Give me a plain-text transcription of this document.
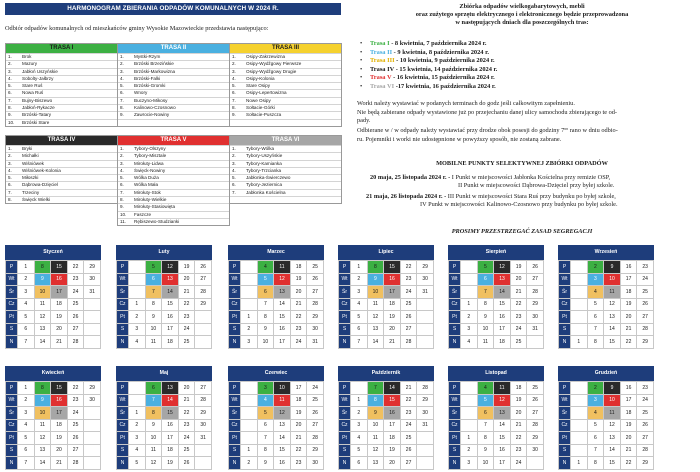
HARMONOGRAM ZBIERANIA ODPADÓW KOMUNALNYCH W 2024 R.
Odbiór odpadów komunalnych od mieszkańców gminy Wysokie Mazowieckie przedstawia następująco:
TRASA I
1.	Brok
2.	Mazury
3.	Jabłoń Uszyńskie
4.	Sobolty-Jałbrzy
5.	Stare Ruś
6.	Nowa Ruś
7.	Bujny-Biszewo
8.	Jabłoń-Rykacze
9.	Brzóski-Tatary
10.	Brzóski Stare
TRASA II
1.	Mystki-Rzym
2.	Brzóski Brzezińskie
3.	Brzóski-Markowizna
4.	Brzóski-Falki
5.	Brzóski-Gromki
6.	Wnory
7.	Buczyno-Mikosy
8.	Kalinowo-Czosnowo
9.	Zawrocie-Nowiny
TRASA III
1.	Osipy-Zakrzewizna
2.	Osipy-Wydźgowy Pierwsze
3.	Osipy-Wydźgowy Drugie
4.	Osipy-Kolonia
5.	Stare Osipy
6.	Osipy-Lepertowizna
7.	Nowe Osipy
8.	Sołtacie-Górki
9.	Sołtacie-Puszcza
TRASA IV
1.	Bryki
2.	Michałki
3.	Wiśniówek
4.	Wiśniówek-Kolonia
5.	Miłoszki
6.	Dąbrowa-Dzięciel
7.	Trzeciny
8.	Święck Wielki
TRASA V
1.	Tybory-Olszyny
2.	Tybory-Misztale
3.	Mirołuty-Lidwa
4.	Święck-Nowiny
5.	Wólka Duża
6.	Wólka Mała
7.	Mirołuty-Stok
8.	Mirołuty-Wielkie
9.	Mirołuty-Stasiowięta
10.	Faszcze
11.	Rębiszewo-Studzianki
TRASA VI
1.	Tybory-Wólka
2.	Tybory-Uszyńskie
3.	Tybory-Kamianka
4.	Tybory-Trzcianka
5.	Jabłonka-Świerczewo
6.	Tybory-Jeziernica
7.	Jabłonka Kościelna
Zbiórka odpadów wielkogabarytowych, mebli
oraz zużytego sprzętu elektrycznego i elektronicznego będzie przeprowadzona
w następujących dniach dla poszczególnych tras:
• Trasa I - 8 kwietnia, 7 października 2024 r.
• Trasa II - 9 kwietnia, 8 października 2024 r.
• Trasa III - 10 kwietnia, 9 października 2024 r.
• Trasa IV - 15 kwietnia, 14 października 2024 r.
• Trasa V - 16 kwietnia, 15 października 2024 r.
• Trasa VI -17 kwietnia, 16 października 2024 r.
Worki należy wystawiać w podanych terminach do godz jeśli całkowitym zapełnieniu.
Nie będą zabierane odpady wystawione już po przejechaniu danej ulicy samochodu zbierającego te od-
pady.
Odbierane w / w odpady należy wystawiać przy drodze obok posesji do godziny 7ºº rano w dniu odbio-
ru. Pojemniki i worki nie udostępnione w powyższy sposób, nie zostaną zabrane.
MOBILNE PUNKTY SELEKTYWNEJ ZBIÓRKI ODPADÓW
20 maja, 25 listopada 2024 r. - I Punkt w miejscowości Jabłonka Kościelna przy remizie OSP,
II Punkt w miejscowości Dąbrowa-Dzięciel przy byłej szkole.
21 maja, 26 listopada 2024 r. - III Punkt w miejscowości Stara Ruś przy budynku po byłej szkole,
IV Punkt w miejscowości Kalinowo-Czosnowo przy budynku po byłej szkole.
PROSIMY PRZESTRZEGAĆ ZASAD SEGREGACJI
Styczeń
P	1	8	15	22	29
Wt	2	9	16	23	30
Śr	3	10	17	24	31
Cz	4	11	18	25	
Pt	5	12	19	26	
S	6	13	20	27	
N	7	14	21	28	
Luty
P		5	12	19	26
Wt		6	13	20	27
Śr		7	14	21	28
Cz	1	8	15	22	29
Pt	2	9	16	23	
S	3	10	17	24	
N	4	11	18	25	
Marzec
P		4	11	18	25
Wt		5	12	19	26
Śr		6	13	20	27
Cz		7	14	21	28
Pt	1	8	15	22	29
S	2	9	16	23	30
N	3	10	17	24	31
Kwiecień
P	1	8	15	22	29
Wt	2	9	16	23	30
Śr	3	10	17	24	
Cz	4	11	18	25	
Pt	5	12	19	26	
S	6	13	20	27	
N	7	14	21	28	
Maj
P		6	13	20	27
Wt		7	14	21	28
Śr	1	8	15	22	29
Cz	2	9	16	23	30
Pt	3	10	17	24	31
S	4	11	18	25	
N	5	12	19	26	
Czerwiec
P		3	10	17	24
Wt		4	11	18	25
Śr		5	12	19	26
Cz		6	13	20	27
Pt		7	14	21	28
S	1	8	15	22	29
N	2	9	16	23	30
Lipiec
P	1	8	15	22	29
Wt	2	9	16	23	30
Śr	3	10	17	24	31
Cz	4	11	18	25	
Pt	5	12	19	26	
S	6	13	20	27	
N	7	14	21	28	
Sierpień
P		5	12	19	26
Wt		6	13	20	27
Śr		7	14	21	28
Cz	1	8	15	22	29
Pt	2	9	16	23	30
S	3	10	17	24	31
N	4	11	18	25	
Wrzesień
P		2	9	16	23
Wt		3	10	17	24
Śr		4	11	18	25
Cz		5	12	19	26
Pt		6	13	20	27
S		7	14	21	28
N	1	8	15	22	29
Październik
P		7	14	21	28
Wt	1	8	15	22	29
Śr	2	9	16	23	30
Cz	3	10	17	24	31
Pt	4	11	18	25	
S	5	12	19	26	
N	6	13	20	27	
Listopad
P		4	11	18	25
Wt		5	12	19	26
Śr		6	13	20	27
Cz		7	14	21	28
Pt	1	8	15	22	29
S	2	9	16	23	30
N	3	10	17	24	
Grudzień
P		2	9	16	23
Wt		3	10	17	24
Śr		4	11	18	25
Cz		5	12	19	26
Pt		6	13	20	27
S		7	14	21	28
N	1	8	15	22	29
